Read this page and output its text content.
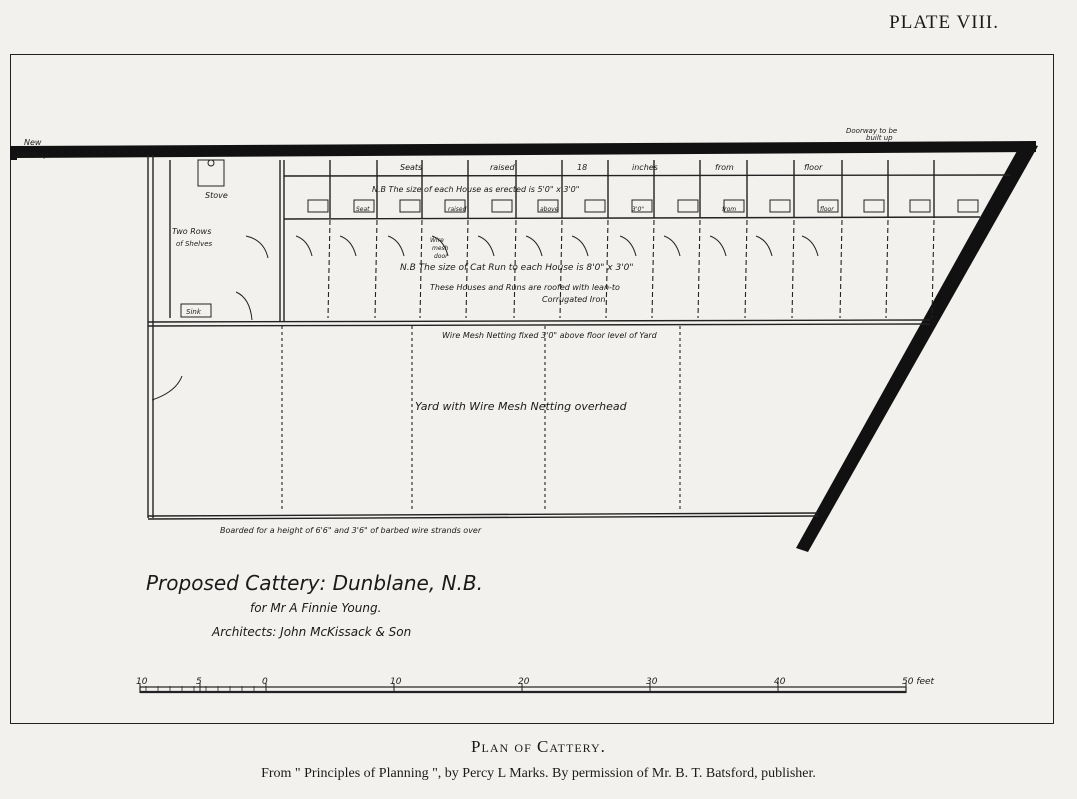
PLATE VIII.
New
doorway
Doorway to be
built up
Stove
Two Rows
of Shelves
Sink
Seats	raised	18	inches	from	floor
Seat	raised	above	3'0"	from	floor
N.B The size of each House as erected is 5'0" x 3'0"
Wire
mesh
door
N.B The size of Cat Run to each House is 8'0" x 3'0"
These Houses and Runs are roofed with lean-to
Corrugated Iron
Wire Mesh Netting fixed 3'0" above floor level of Yard
Yard with Wire Mesh Netting overhead
Boarded for a height of 6'6" and 3'6" of barbed wire strands over
Proposed Cattery: Dunblane, N.B.
for Mr A Finnie Young.
Architects: John McKissack & Son
10	5	0	10	20	30	40	50 feet
Plan of Cattery.
From " Principles of Planning ", by Percy L Marks. By permission of Mr. B. T. Batsford, publisher.
